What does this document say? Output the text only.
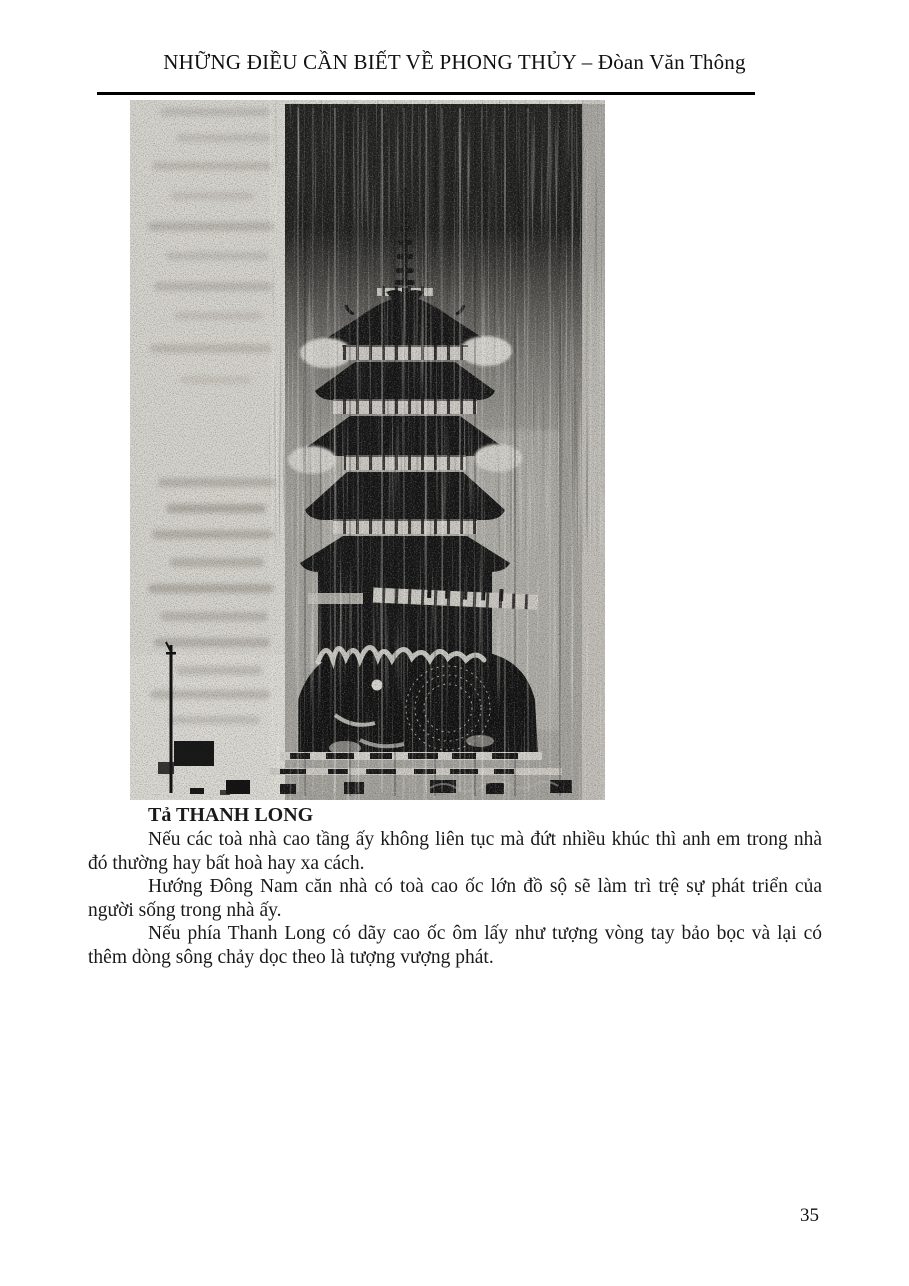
NHỮNG ĐIỀU CẦN BIẾT VỀ PHONG THỦY – Đòan Văn Thông
Tả THANH LONG

Nếu các toà nhà cao tầng ấy không liên tục mà đứt nhiều khúc thì anh em trong nhà đó thường hay bất hoà hay xa cách.

Hướng Đông Nam căn nhà có toà cao ốc lớn đồ sộ sẽ làm trì trệ sự phát triển của người sống trong nhà ấy.

Nếu phía Thanh Long có dãy cao ốc ôm lấy như tượng vòng tay bảo bọc và lại có thêm dòng sông chảy dọc theo là tượng vượng phát.

35
